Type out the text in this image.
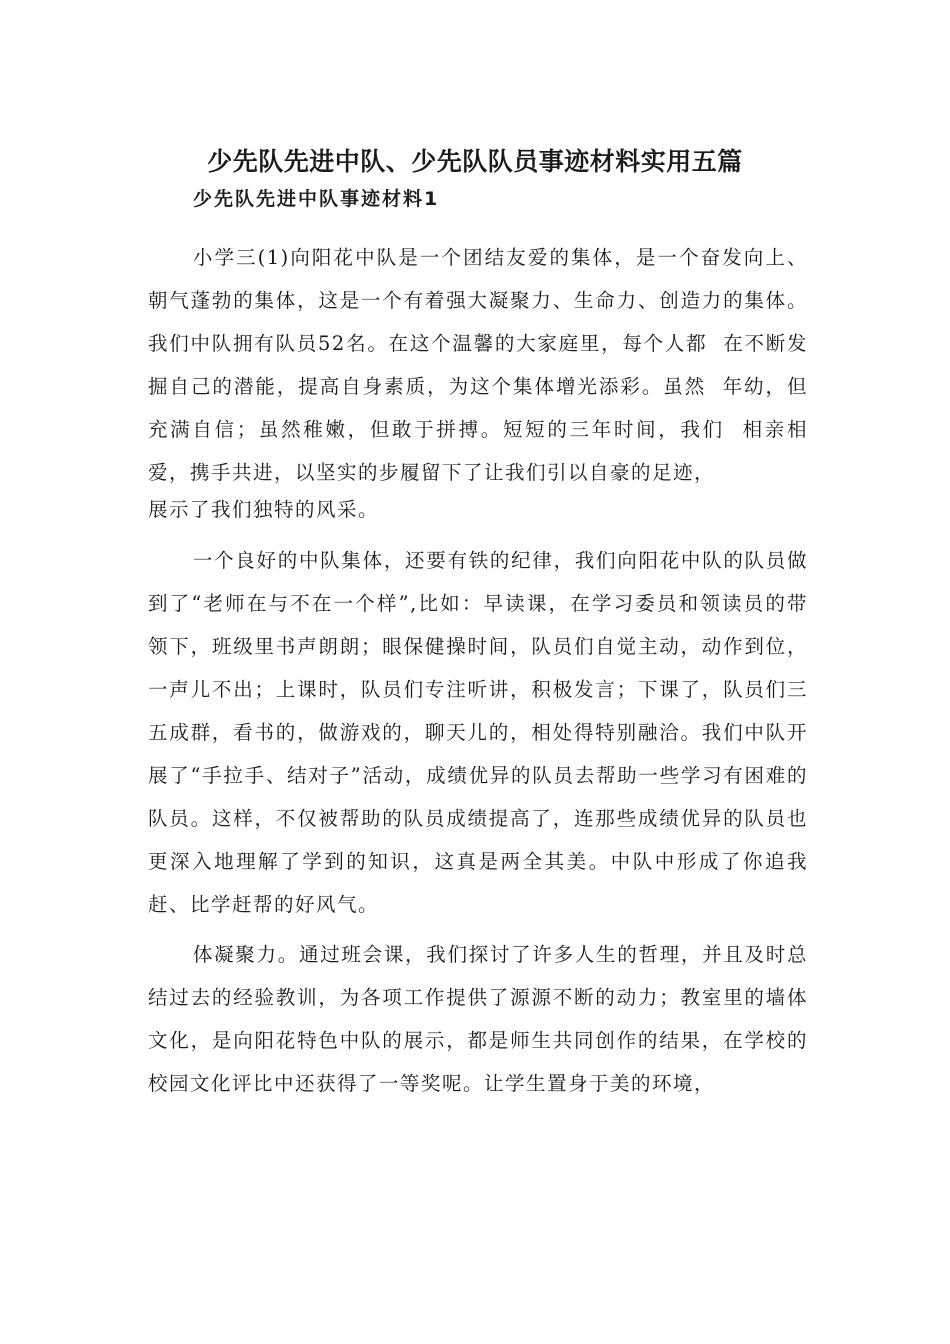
少先队先进中队、少先队队员事迹材料实用五篇
少先队先进中队事迹材料1

小学三(1)向阳花中队是一个团结友爱的集体，是一个奋发向上、朝气蓬勃的集体，这是一个有着强大凝聚力、生命力、创造力的集体。我们中队拥有队员52名。在这个温馨的大家庭里，每个人都  在不断发掘自己的潜能，提高自身素质，为这个集体增光添彩。虽然  年幼，但充满自信；虽然稚嫩，但敢于拼搏。短短的三年时间，我们  相亲相爱，携手共进，以坚实的步履留下了让我们引以自豪的足迹，

展示了我们独特的风采。

一个良好的中队集体，还要有铁的纪律，我们向阳花中队的队员做到了“老师在与不在一个样”,比如：早读课，在学习委员和领读员的带领下，班级里书声朗朗；眼保健操时间，队员们自觉主动，动作到位，  一声儿不出；上课时，队员们专注听讲，积极发言；下课了，队员们三五成群，看书的，做游戏的，聊天儿的，相处得特别融洽。我们中队开展了“手拉手、结对子”活动，成绩优异的队员去帮助一些学习有困难的队员。这样，不仅被帮助的队员成绩提高了，连那些成绩优异的队员也更深入地理解了学到的知识，这真是两全其美。中队中形成了你追我赶、比学赶帮的好风气。

体凝聚力。通过班会课，我们探讨了许多人生的哲理，并且及时总结过去的经验教训，为各项工作提供了源源不断的动力；教室里的墙体文化，是向阳花特色中队的展示，都是师生共同创作的结果，在学校的校园文化评比中还获得了一等奖呢。让学生置身于美的环境，
